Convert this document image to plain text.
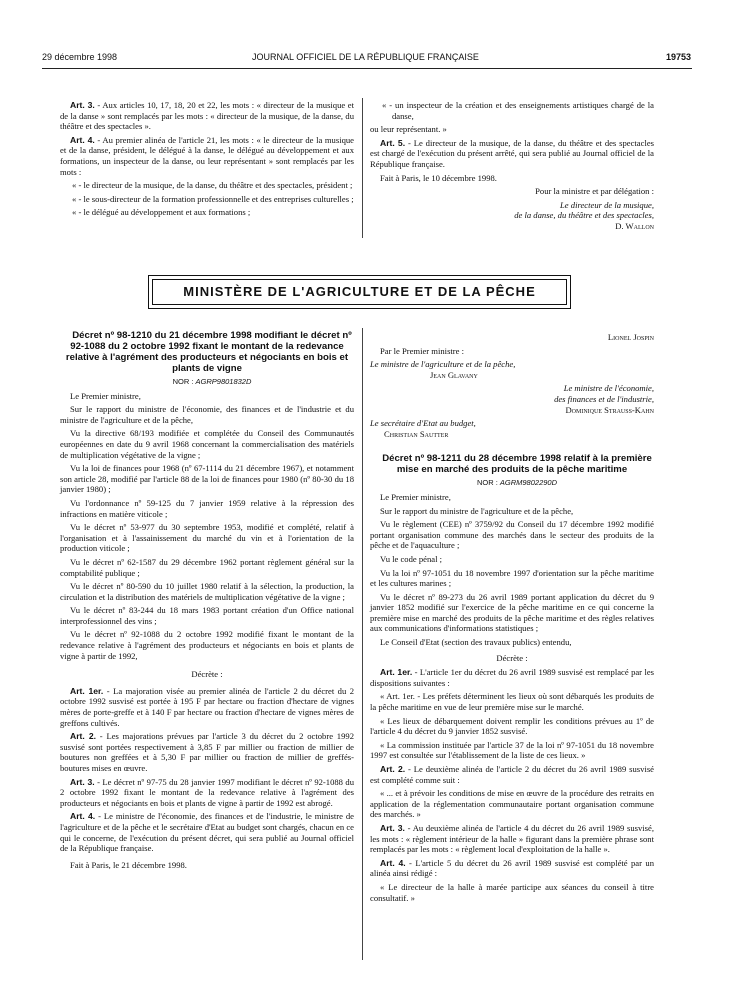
29 décembre 1998	JOURNAL OFFICIEL DE LA RÉPUBLIQUE FRANÇAISE	19753

Art. 3. - Aux articles 10, 17, 18, 20 et 22, les mots : « directeur de la musique et de la danse » sont remplacés par les mots : « directeur de la musique, de la danse, du théâtre et des spectacles ».

Art. 4. - Au premier alinéa de l'article 21, les mots : « le directeur de la musique et de la danse, président, le délégué à la danse, le délégué au développement et aux formations, un inspecteur de la danse, ou leur représentant » sont remplacés par les mots :

« - le directeur de la musique, de la danse, du théâtre et des spectacles, président ;

« - le sous-directeur de la formation professionnelle et des entreprises culturelles ;

« - le délégué au développement et aux formations ;

« - un inspecteur de la création et des enseignements artistiques chargé de la danse,

ou leur représentant. »

Art. 5. - Le directeur de la musique, de la danse, du théâtre et des spectacles est chargé de l'exécution du présent arrêté, qui sera publié au Journal officiel de la République française.

Fait à Paris, le 10 décembre 1998.

Pour la ministre et par délégation :

Le directeur de la musique,

de la danse, du théâtre et des spectacles,

D. Wallon

MINISTÈRE DE L'AGRICULTURE ET DE LA PÊCHE

Décret nº 98-1210 du 21 décembre 1998 modifiant le décret nº 92-1088 du 2 octobre 1992 fixant le montant de la redevance relative à l'agrément des producteurs et négociants en bois et plants de vigne

NOR : AGRP9801832D

Le Premier ministre,

Sur le rapport du ministre de l'économie, des finances et de l'industrie et du ministre de l'agriculture et de la pêche,

Vu la directive 68/193 modifiée et complétée du Conseil des Communautés européennes en date du 9 avril 1968 concernant la commercialisation des matériels de multiplication végétative de la vigne ;

Vu la loi de finances pour 1968 (nº 67-1114 du 21 décembre 1967), et notamment son article 28, modifié par l'article 88 de la loi de finances pour 1980 (nº 80-30 du 18 janvier 1980) ;

Vu l'ordonnance nº 59-125 du 7 janvier 1959 relative à la répression des infractions en matière viticole ;

Vu le décret nº 53-977 du 30 septembre 1953, modifié et complété, relatif à l'organisation et à l'assainissement du marché du vin et à l'orientation de la production viticole ;

Vu le décret nº 62-1587 du 29 décembre 1962 portant règlement général sur la comptabilité publique ;

Vu le décret nº 80-590 du 10 juillet 1980 relatif à la sélection, la production, la circulation et la distribution des matériels de multiplication végétative de la vigne ;

Vu le décret nº 83-244 du 18 mars 1983 portant création d'un Office national interprofessionnel des vins ;

Vu le décret nº 92-1088 du 2 octobre 1992 modifié fixant le montant de la redevance relative à l'agrément des producteurs et négociants en bois et plants de vigne à partir de 1992,

Décrète :

Art. 1er. - La majoration visée au premier alinéa de l'article 2 du décret du 2 octobre 1992 susvisé est portée à 195 F par hectare ou fraction d'hectare de vignes mères de porte-greffe et à 140 F par hectare ou fraction d'hectare de vignes mères de greffons cultivés.

Art. 2. - Les majorations prévues par l'article 3 du décret du 2 octobre 1992 susvisé sont portées respectivement à 3,85 F par millier ou fraction de millier de boutures non greffées et à 5,30 F par millier ou fraction de millier de greffés-boutures mises en œuvre.

Art. 3. - Le décret nº 97-75 du 28 janvier 1997 modifiant le décret nº 92-1088 du 2 octobre 1992 fixant le montant de la redevance relative à l'agrément des producteurs et négociants en bois et plants de vigne à partir de 1992 est abrogé.

Art. 4. - Le ministre de l'économie, des finances et de l'industrie, le ministre de l'agriculture et de la pêche et le secrétaire d'Etat au budget sont chargés, chacun en ce qui le concerne, de l'exécution du présent décret, qui sera publié au Journal officiel de la République française.

Fait à Paris, le 21 décembre 1998.

Lionel Jospin

Par le Premier ministre :

Le ministre de l'agriculture et de la pêche,

Jean Glavany

Le ministre de l'économie,

des finances et de l'industrie,

Dominique Strauss-Kahn

Le secrétaire d'Etat au budget,

Christian Sautter

Décret nº 98-1211 du 28 décembre 1998 relatif à la première mise en marché des produits de la pêche maritime

NOR : AGRM9802290D

Le Premier ministre,

Sur le rapport du ministre de l'agriculture et de la pêche,

Vu le règlement (CEE) nº 3759/92 du Conseil du 17 décembre 1992 modifié portant organisation commune des marchés dans le secteur des produits de la pêche et de l'aquaculture ;

Vu le code pénal ;

Vu la loi nº 97-1051 du 18 novembre 1997 d'orientation sur la pêche maritime et les cultures marines ;

Vu le décret nº 89-273 du 26 avril 1989 portant application du décret du 9 janvier 1852 modifié sur l'exercice de la pêche maritime en ce qui concerne la première mise en marché des produits de la pêche maritime et des règles relatives aux communications d'informations statistiques ;

Le Conseil d'Etat (section des travaux publics) entendu,

Décrète :

Art. 1er. - L'article 1er du décret du 26 avril 1989 susvisé est remplacé par les dispositions suivantes :

« Art. 1er. - Les préfets déterminent les lieux où sont débarqués les produits de la pêche maritime en vue de leur première mise sur le marché.

« Les lieux de débarquement doivent remplir les conditions prévues au 1º de l'article 4 du décret du 9 janvier 1852 susvisé.

« La commission instituée par l'article 37 de la loi nº 97-1051 du 18 novembre 1997 est consultée sur l'établissement de la liste de ces lieux. »

Art. 2. - Le deuxième alinéa de l'article 2 du décret du 26 avril 1989 susvisé est complété comme suit :

« ... et à prévoir les conditions de mise en œuvre de la procédure des retraits en application de la réglementation communautaire portant organisation commune des marchés. »

Art. 3. - Au deuxième alinéa de l'article 4 du décret du 26 avril 1989 susvisé, les mots : « règlement intérieur de la halle » figurant dans la première phrase sont remplacés par les mots : « règlement local d'exploitation de la halle ».

Art. 4. - L'article 5 du décret du 26 avril 1989 susvisé est complété par un alinéa ainsi rédigé :

« Le directeur de la halle à marée participe aux séances du conseil à titre consultatif. »
